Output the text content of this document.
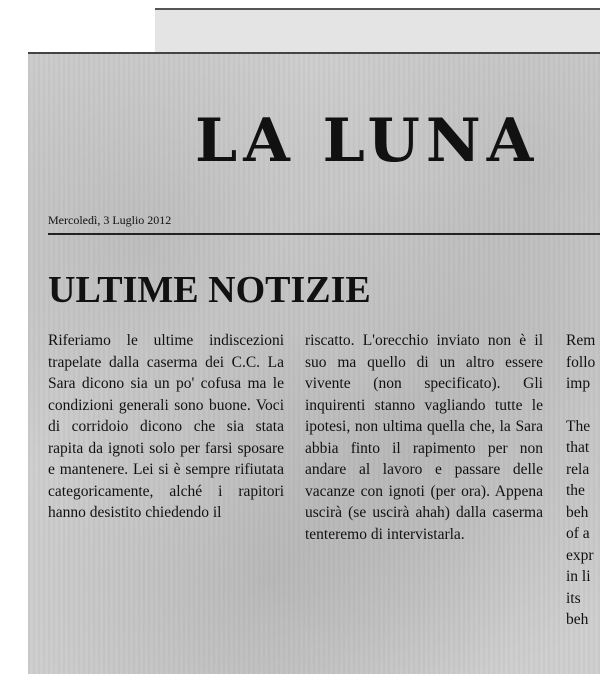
LA LUNA
Mercoledì, 3 Luglio 2012
ULTIME NOTIZIE
Riferiamo le ultime indiscezioni trapelate dalla caserma dei C.C. La Sara dicono sia un po' cofusa ma le condizioni generali sono buone. Voci di corridoio dicono che sia stata rapita da ignoti solo per farsi sposare e mantenere. Lei si è sempre rifiutata categoricamente, alché i rapitori hanno desistito chiedendo il
riscatto. L'orecchio inviato non è il suo ma quello di un altro essere vivente (non specificato). Gli inquirenti stanno vagliando tutte le ipotesi, non ultima quella che, la Sara abbia finto il rapimento per non andare al lavoro e passare delle vacanze con ignoti (per ora). Appena uscirà (se uscirà ahah) dalla caserma tenteremo di intervistarla.
Rem
follo
imp
The
that
rela
the
beh
of a
expr
in li
its
beh
